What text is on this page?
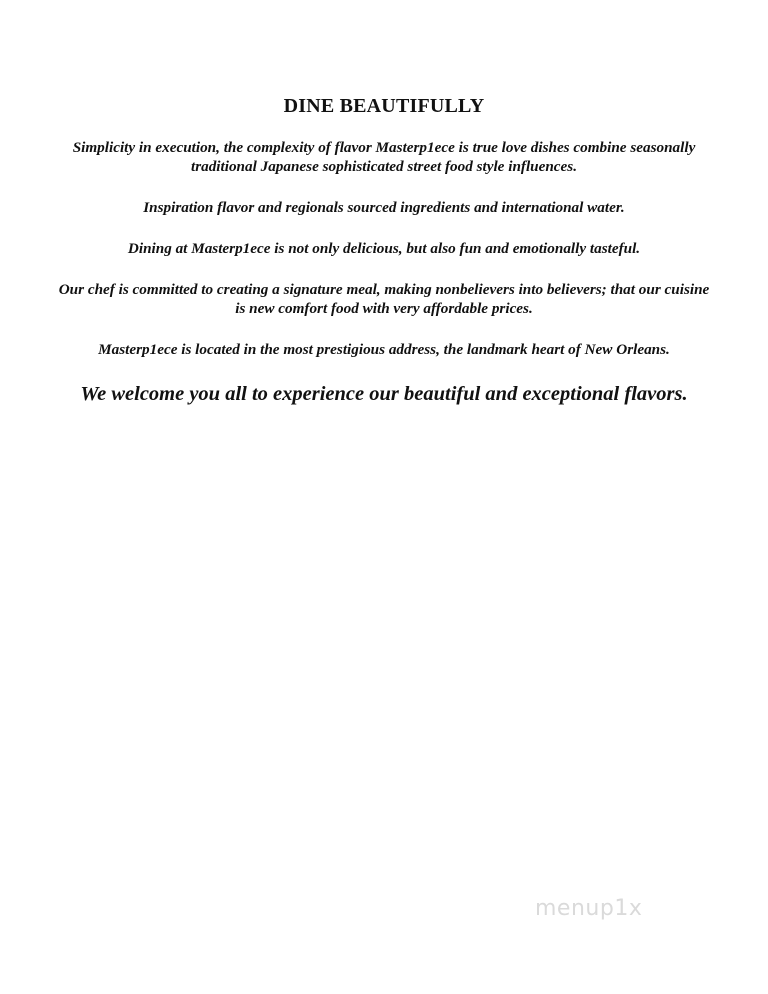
DINE BEAUTIFULLY
Simplicity in execution, the complexity of flavor Masterp1ece is true love dishes combine seasonally
traditional Japanese sophisticated street food style influences.
Inspiration flavor and regionals sourced ingredients and international water.
Dining at Masterp1ece is not only delicious, but also fun and emotionally tasteful.
Our chef is committed to creating a signature meal, making nonbelievers into believers; that our cuisine
is new comfort food with very affordable prices.
Masterp1ece is located in the most prestigious address, the landmark heart of New Orleans.
We welcome you all to experience our beautiful and exceptional flavors.
menup1x
